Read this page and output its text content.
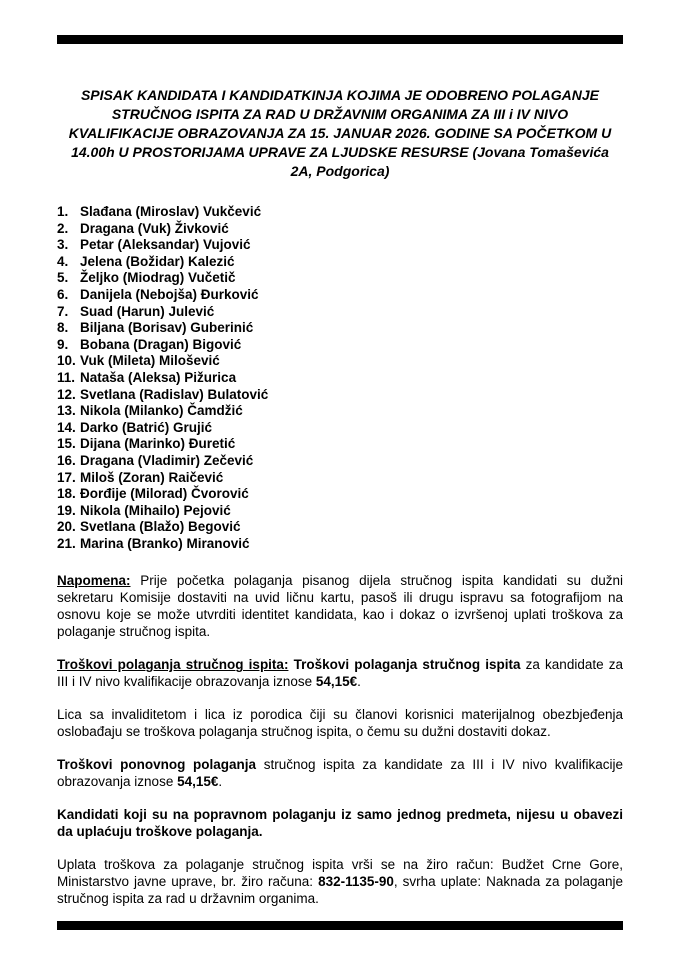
SPISAK KANDIDATA I KANDIDATKINJA KOJIMA JE ODOBRENO POLAGANJE STRUČNOG ISPITA ZA RAD U DRŽAVNIM ORGANIMA ZA III i IV NIVO KVALIFIKACIJE OBRAZOVANJA ZA 15. JANUAR 2026. GODINE SA POČETKOM U 14.00h U PROSTORIJAMA UPRAVE ZA LJUDSKE RESURSE (Jovana Tomaševića 2A, Podgorica)
Slađana (Miroslav) Vukčević
Dragana (Vuk) Živković
Petar (Aleksandar) Vujović
Jelena (Božidar) Kalezić
Željko (Miodrag) Vučetič
Danijela (Nebojša) Đurković
Suad (Harun) Julević
Biljana (Borisav) Guberinić
Bobana (Dragan) Bigović
Vuk (Mileta) Milošević
Nataša (Aleksa) Pižurica
Svetlana (Radislav) Bulatović
Nikola (Milanko) Čamdžić
Darko (Batrić) Grujić
Dijana (Marinko) Đuretić
Dragana (Vladimir) Zečević
Miloš (Zoran) Raičević
Đorđije (Milorad) Čvorović
Nikola (Mihailo) Pejović
Svetlana (Blažo) Begović
Marina (Branko) Miranović

Napomena: Prije početka polaganja pisanog dijela stručnog ispita kandidati su dužni sekretaru Komisije dostaviti na uvid ličnu kartu, pasoš ili drugu ispravu sa fotografijom na osnovu koje se može utvrditi identitet kandidata, kao i dokaz o izvršenoj uplati troškova za polaganje stručnog ispita.

Troškovi polaganja stručnog ispita: Troškovi polaganja stručnog ispita za kandidate za III i IV nivo kvalifikacije obrazovanja iznose 54,15€.

Lica sa invaliditetom i lica iz porodica čiji su članovi korisnici materijalnog obezbjeđenja oslobađaju se troškova polaganja stručnog ispita, o čemu su dužni dostaviti dokaz.

Troškovi ponovnog polaganja stručnog ispita za kandidate za III i IV nivo kvalifikacije obrazovanja iznose 54,15€.

Kandidati koji su na popravnom polaganju iz samo jednog predmeta, nijesu u obavezi da uplaćuju troškove polaganja.

Uplata troškova za polaganje stručnog ispita vrši se na žiro račun: Budžet Crne Gore, Ministarstvo javne uprave, br. žiro računa: 832-1135-90, svrha uplate: Naknada za polaganje stručnog ispita za rad u državnim organima.
